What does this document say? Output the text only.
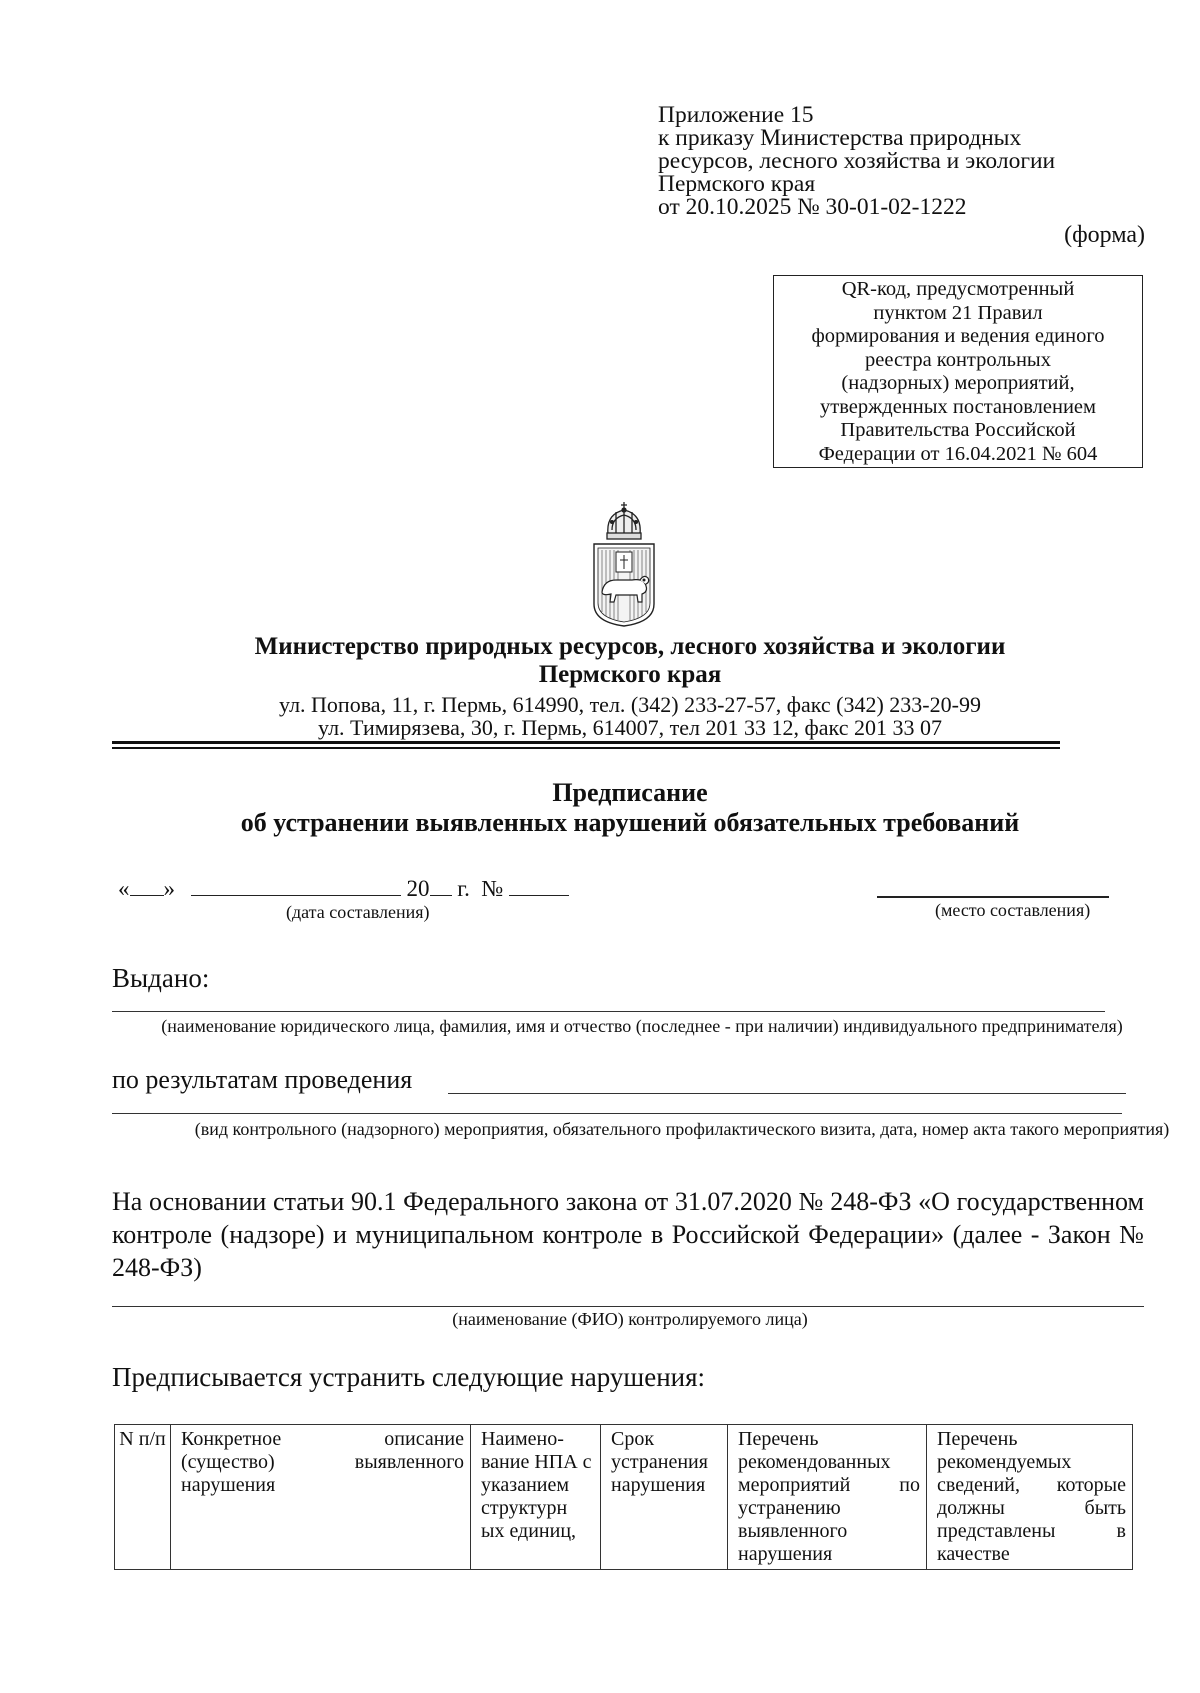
Приложение 15
к приказу Министерства природных
ресурсов, лесного хозяйства и экологии
Пермского края
от 20.10.2025 № 30-01-02-1222
(форма)
QR-код, предусмотренный
пунктом 21 Правил
формирования и ведения единого
реестра контрольных
(надзорных) мероприятий,
утвержденных постановлением
Правительства Российской
Федерации от 16.04.2021 № 604
Министерство природных ресурсов, лесного хозяйства и экологии
Пермского края
ул. Попова, 11, г. Пермь, 614990, тел. (342) 233-27-57, факс (342) 233-20-99
ул. Тимирязева, 30, г. Пермь, 614007, тел 201 33 12, факс 201 33 07
Предписание
об устранении выявленных нарушений обязательных требований
« »	20 г. №
(дата составления)	(место составления)
Выдано:
(наименование юридического лица, фамилия, имя и отчество (последнее - при наличии) индивидуального предпринимателя)
по результатам проведения
(вид контрольного (надзорного) мероприятия, обязательного профилактического визита, дата, номер акта такого мероприятия)
На основании статьи 90.1 Федерального закона от 31.07.2020 № 248-ФЗ «О государственном контроле (надзоре) и муниципальном контроле в Российской Федерации» (далее - Закон № 248-ФЗ)
(наименование (ФИО) контролируемого лица)
Предписывается устранить следующие нарушения:
N п/п	Конкретное описание (существо) выявленного нарушения	Наимено-вание НПА с указанием структурн ых единиц,	Срок устранения нарушения	Перечень рекомендованных мероприятий по устранению выявленного нарушения	Перечень рекомендуемых сведений, которые должны быть представлены в качестве
